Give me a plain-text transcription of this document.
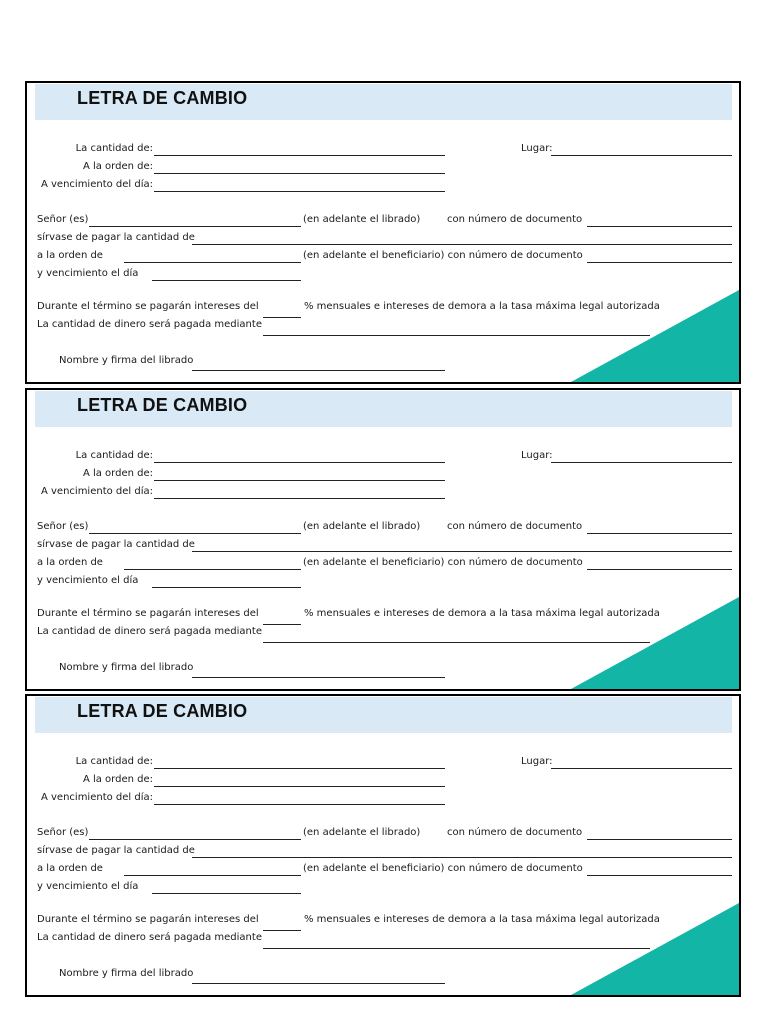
LETRA DE CAMBIO
La cantidad de:	Lugar:
A la orden de:
A vencimiento del día:
Señor (es)	(en adelante el librado)	con número de documento
sírvase de pagar la cantidad de
a la orden de	(en adelante el beneficiario) con número de documento
y vencimiento el día
Durante el término se pagarán intereses del	% mensuales e intereses de demora a la tasa máxima legal autorizada
La cantidad de dinero será pagada mediante
Nombre y firma del librado
LETRA DE CAMBIO
La cantidad de:	Lugar:
A la orden de:
A vencimiento del día:
Señor (es)	(en adelante el librado)	con número de documento
sírvase de pagar la cantidad de
a la orden de	(en adelante el beneficiario) con número de documento
y vencimiento el día
Durante el término se pagarán intereses del	% mensuales e intereses de demora a la tasa máxima legal autorizada
La cantidad de dinero será pagada mediante
Nombre y firma del librado
LETRA DE CAMBIO
La cantidad de:	Lugar:
A la orden de:
A vencimiento del día:
Señor (es)	(en adelante el librado)	con número de documento
sírvase de pagar la cantidad de
a la orden de	(en adelante el beneficiario) con número de documento
y vencimiento el día
Durante el término se pagarán intereses del	% mensuales e intereses de demora a la tasa máxima legal autorizada
La cantidad de dinero será pagada mediante
Nombre y firma del librado
